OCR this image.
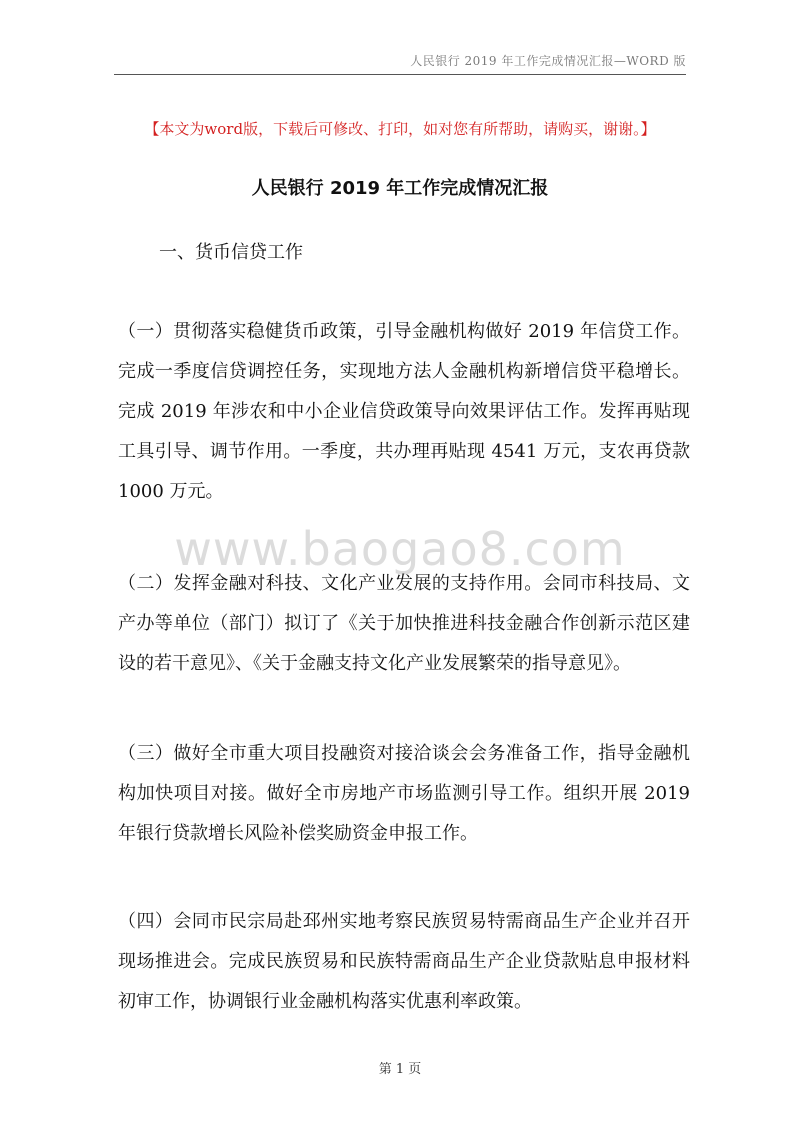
人民银行 2019 年工作完成情况汇报—WORD 版
【本文为word版，下载后可修改、打印，如对您有所帮助，请购买，谢谢。】
人民银行 2019 年工作完成情况汇报
一、货币信贷工作
（一）贯彻落实稳健货币政策，引导金融机构做好 2019 年信贷工作。完成一季度信贷调控任务，实现地方法人金融机构新增信贷平稳增长。完成 2019 年涉农和中小企业信贷政策导向效果评估工作。发挥再贴现工具引导、调节作用。一季度，共办理再贴现 4541 万元，支农再贷款 1000 万元。
www.baogao8.com
（二）发挥金融对科技、文化产业发展的支持作用。会同市科技局、文产办等单位（部门）拟订了《关于加快推进科技金融合作创新示范区建设的若干意见》、《关于金融支持文化产业发展繁荣的指导意见》。
（三）做好全市重大项目投融资对接洽谈会会务准备工作，指导金融机构加快项目对接。做好全市房地产市场监测引导工作。组织开展 2019 年银行贷款增长风险补偿奖励资金申报工作。
（四）会同市民宗局赴邳州实地考察民族贸易特需商品生产企业并召开现场推进会。完成民族贸易和民族特需商品生产企业贷款贴息申报材料初审工作，协调银行业金融机构落实优惠利率政策。
第 1 页
